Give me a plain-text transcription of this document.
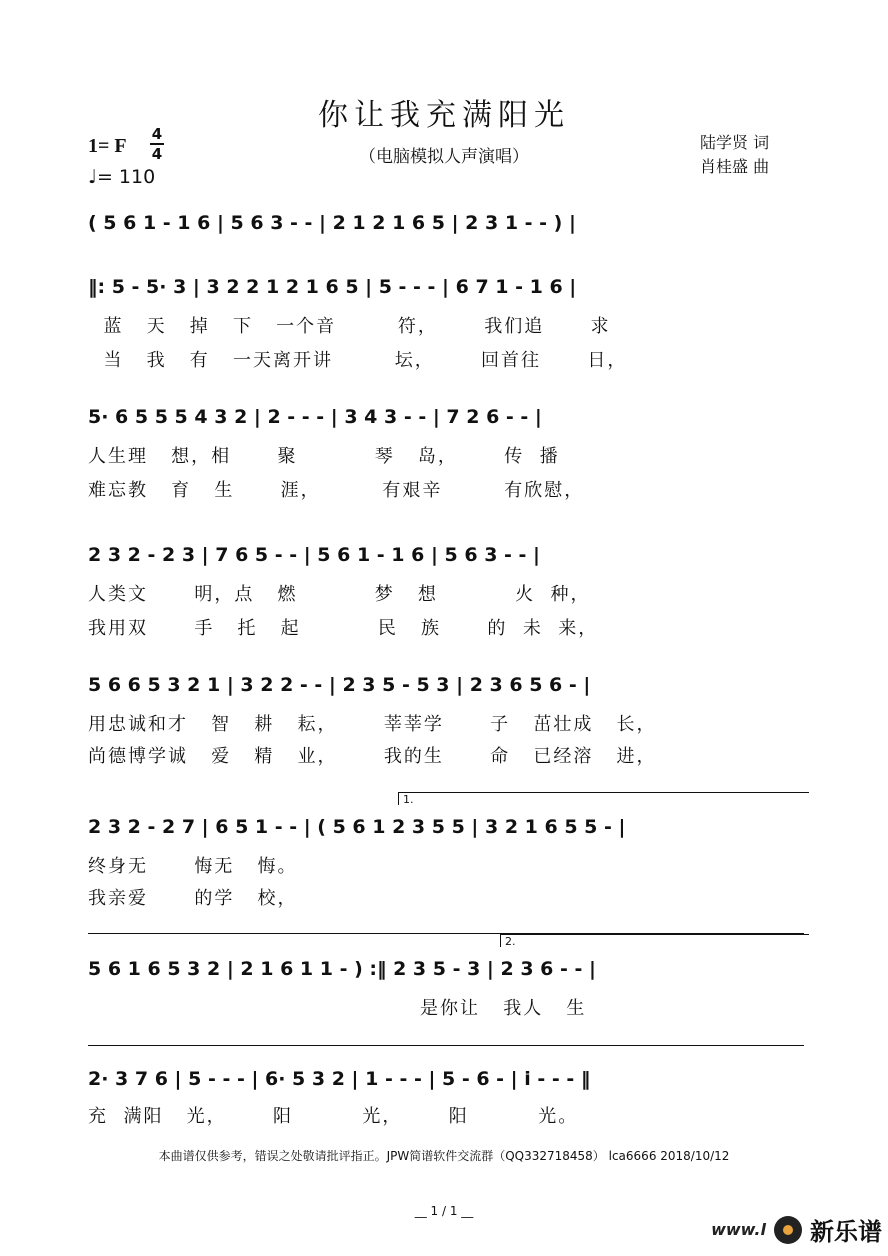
你让我充满阳光
（电脑模拟人声演唱）
1= F
4
4
♩= 110
陆学贤 词
肖桂盛 曲
( 5 6 1 - 1 6 | 5 6 3 - - | 2 1 2 1 6 5 | 2 3 1 - - ) |
‖: 5 - 5· 3 | 3 2 2 1 2 1 6 5 | 5 - - - | 6 7 1 - 1 6 |
蓝   天   掉   下   一个音        符，      我们追      求
当   我   有   一天离开讲        坛，      回首往      日，
5· 6 5 5 5 4 3 2 | 2 - - - | 3 4 3 - - | 7 2 6 - - |
人生理   想，相      聚          琴   岛，      传  播
难忘教   育   生      涯，        有艰辛        有欣慰，
2 3 2 - 2 3 | 7 6 5 - - | 5 6 1 - 1 6 | 5 6 3 - - |
人类文      明，点   燃          梦   想          火  种，
我用双      手   托   起          民   族      的  未  来，
5 6 6 5 3 2 1 | 3 2 2 - - | 2 3 5 - 5 3 | 2 3 6 5 6 - |
用忠诚和才   智   耕   耘，      莘莘学      子   茁壮成   长，
尚德博学诚   爱   精   业，      我的生      命   已经溶   进，
1.
2 3 2 - 2 7 | 6 5 1 - - | ( 5 6 1 2 3 5 5 | 3 2 1 6 5 5 - |
终身无      悔无   悔。
我亲爱      的学   校，
2.
5 6 1 6 5 3 2 | 2 1 6 1 1 - ) :‖ 2 3 5 - 3 | 2 3 6 - - |
是你让   我人   生
2· 3 7 6 | 5 - - - | 6· 5 3 2 | 1 - - - | 5 - 6 - | i - - - ‖
充  满阳   光，      阳         光，      阳         光。
本曲谱仅供参考，错误之处敬请批评指正。JPW简谱软件交流群（QQ332718458） lca6666 2018/10/12
__ 1 / 1 __
www.l 新乐谱
